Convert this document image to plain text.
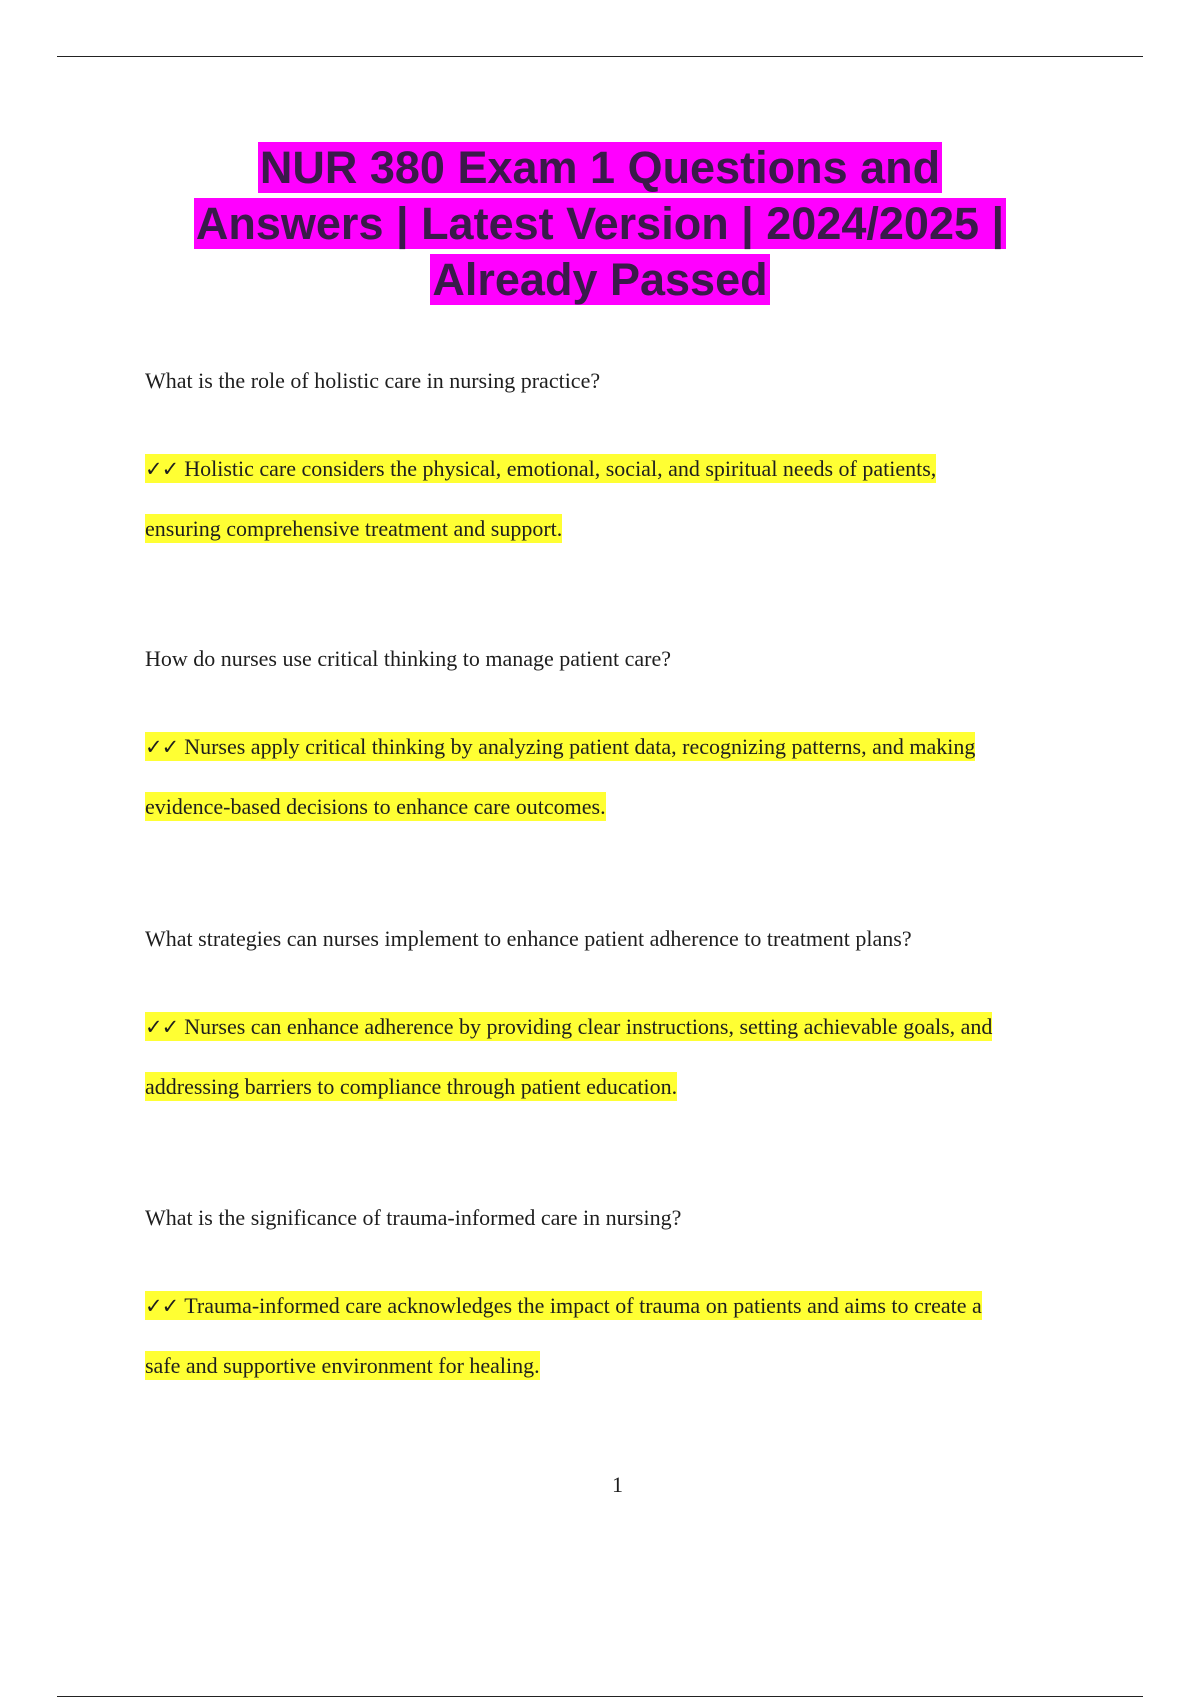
NUR 380 Exam 1 Questions and
Answers | Latest Version | 2024/2025 |
Already Passed

What is the role of holistic care in nursing practice?

✓✓ Holistic care considers the physical, emotional, social, and spiritual needs of patients,
ensuring comprehensive treatment and support.

How do nurses use critical thinking to manage patient care?

✓✓ Nurses apply critical thinking by analyzing patient data, recognizing patterns, and making
evidence-based decisions to enhance care outcomes.

What strategies can nurses implement to enhance patient adherence to treatment plans?

✓✓ Nurses can enhance adherence by providing clear instructions, setting achievable goals, and
addressing barriers to compliance through patient education.

What is the significance of trauma-informed care in nursing?

✓✓ Trauma-informed care acknowledges the impact of trauma on patients and aims to create a
safe and supportive environment for healing.

1
